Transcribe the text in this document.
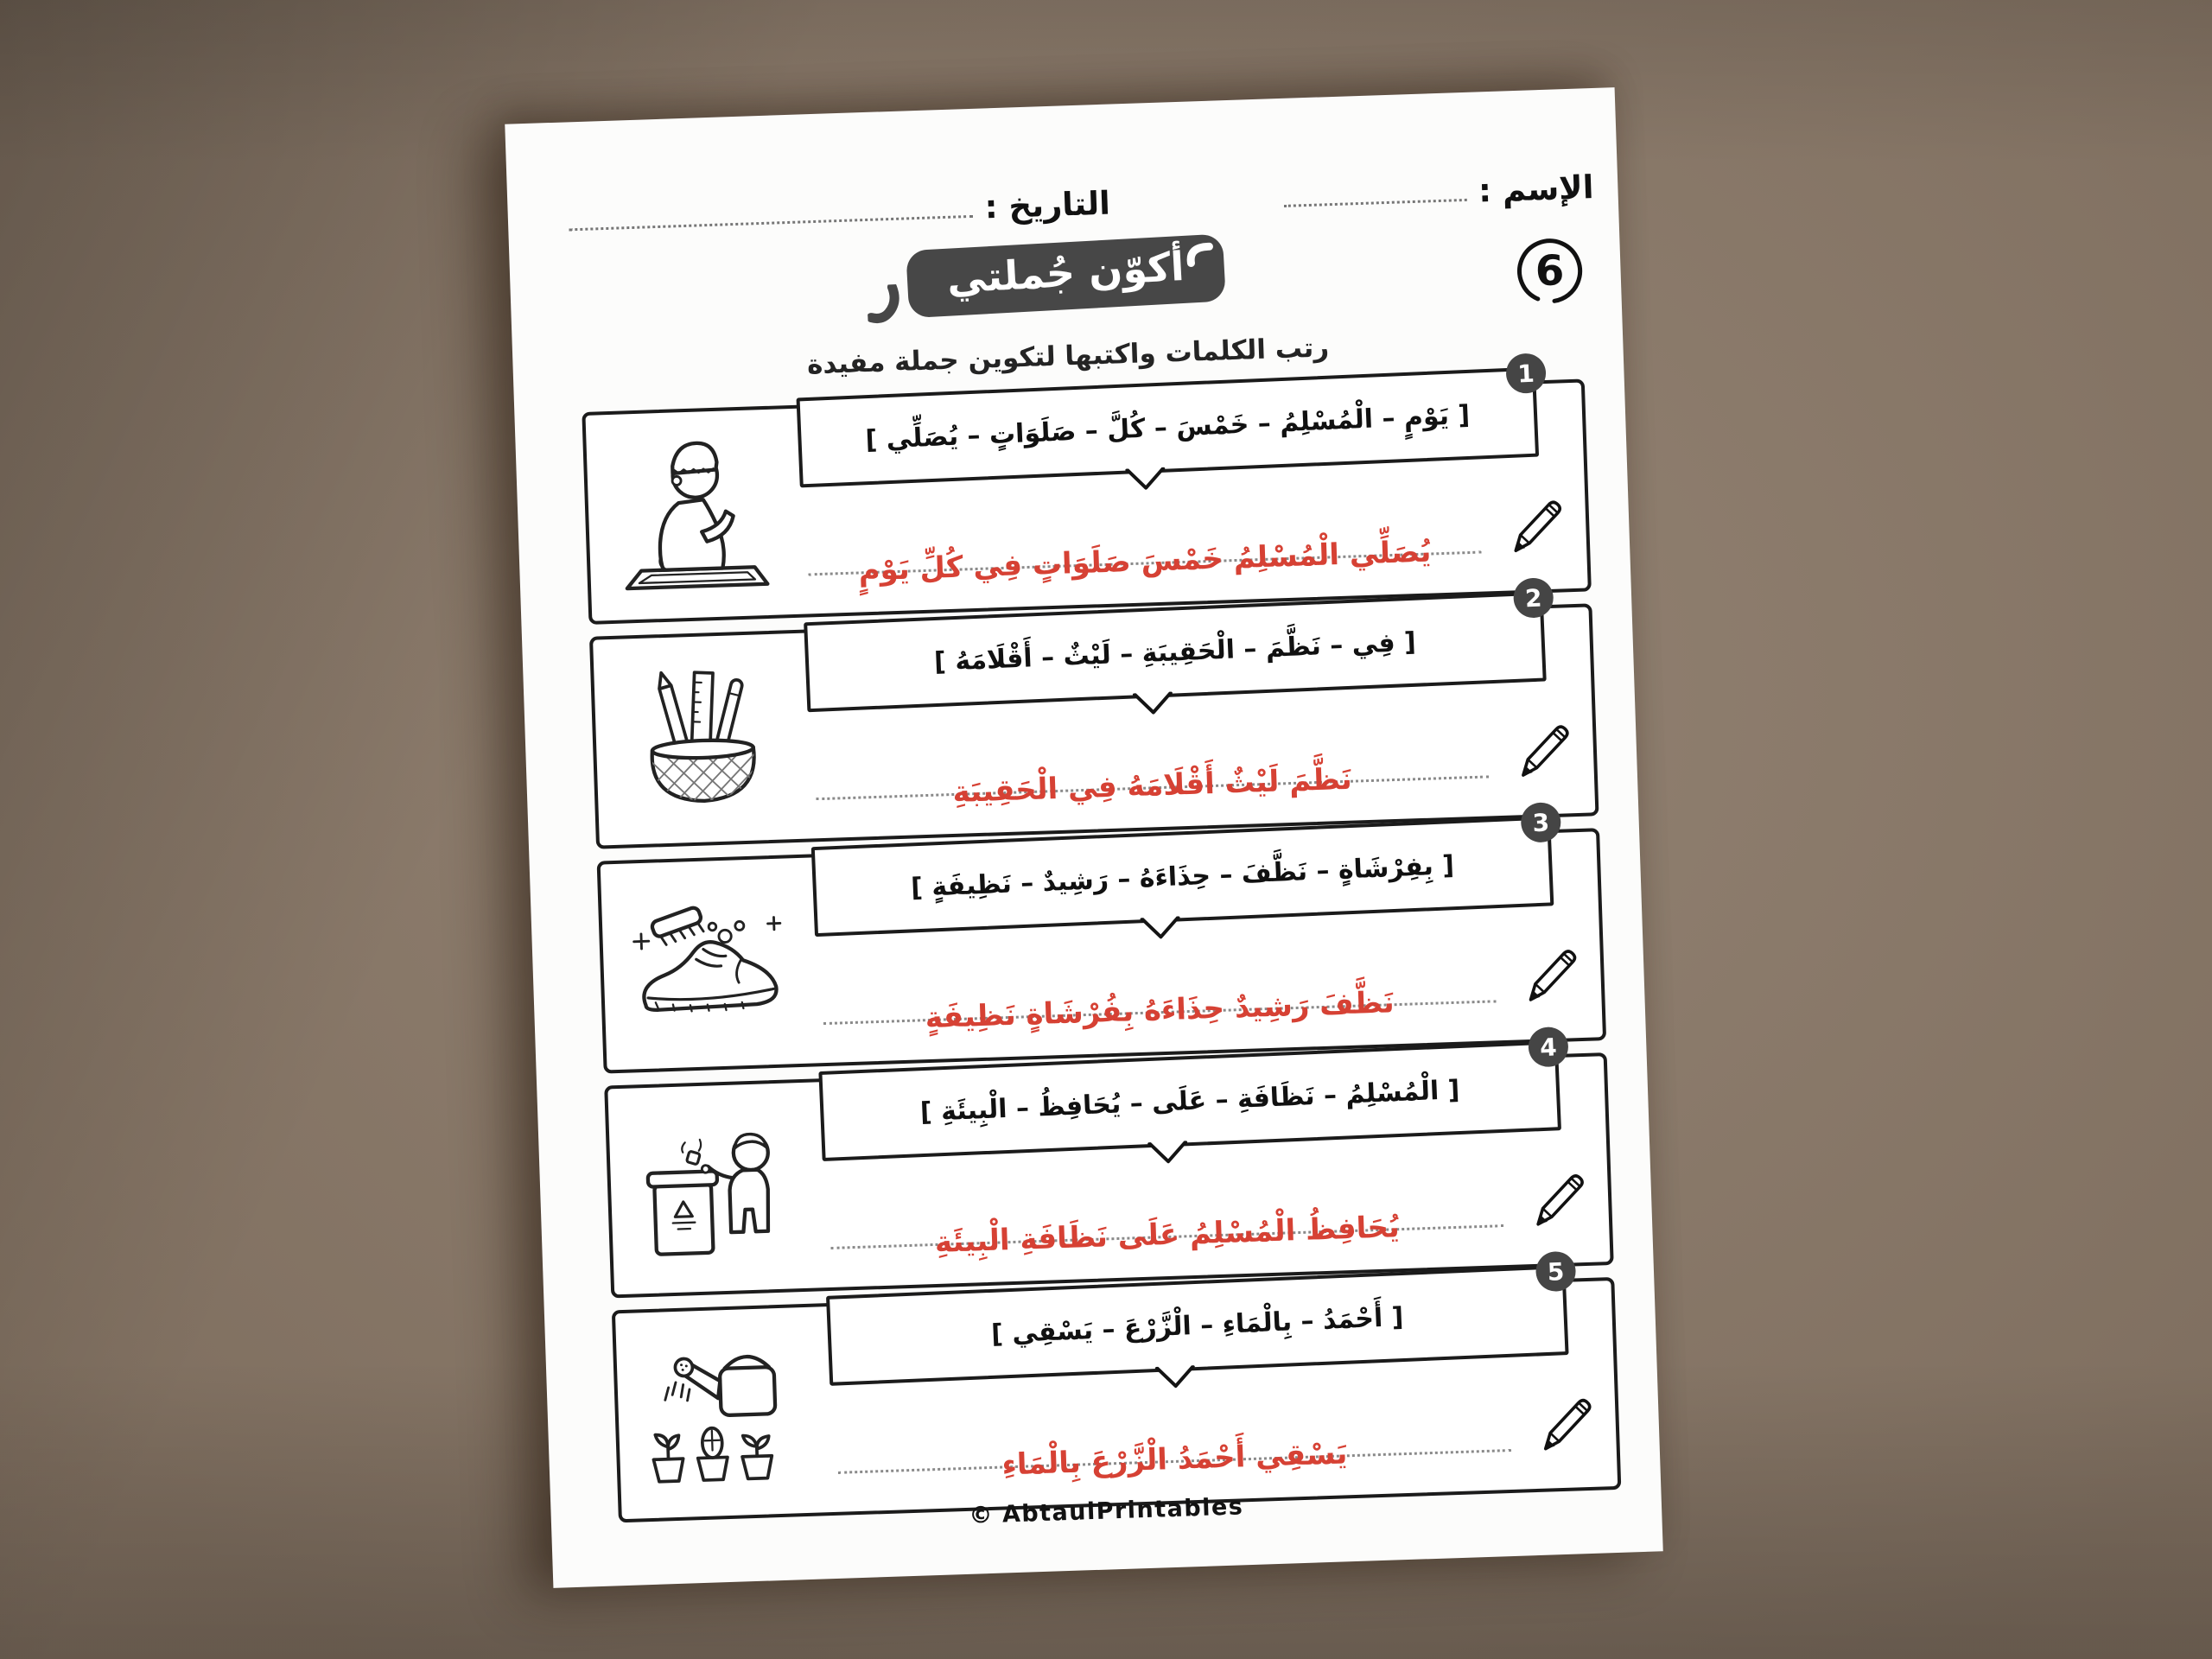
التاريخ :	الإسم :
أكوّن جُملتي	6
رتب الكلمات واكتبها لتكوين جملة مفيدة
[ يَوْمٍ – الْمُسْلِمُ – خَمْسَ – كُلَّ – صَلَوَاتٍ – يُصَلِّي ]
1
يُصَلِّي الْمُسْلِمُ خَمْسَ صَلَوَاتٍ فِي كُلِّ يَوْمٍ
[ فِي – نَظَّمَ – الْحَقِيبَةِ – لَيْثٌ – أَقْلَامَهُ ]
2
نَظَّمَ لَيْثٌ أَقْلَامَهُ فِي الْحَقِيبَةِ
[ بِفِرْشَاةٍ – نَظَّفَ – حِذَاءَهُ – رَشِيدٌ – نَظِيفَةٍ ]
3
نَظَّفَ رَشِيدٌ حِذَاءَهُ بِفُرْشَاةٍ نَظِيفَةٍ
[ الْمُسْلِمُ – نَظَافَةِ – عَلَى – يُحَافِظُ – الْبِيئَةِ ]
4
يُحَافِظُ الْمُسْلِمُ عَلَى نَظَافَةِ الْبِيئَةِ
[ أَحْمَدُ – بِالْمَاءِ – الْزَّرْعَ – يَسْقِي ]
5
يَسْقِي أَحْمَدُ الْزَّرْعَ بِالْمَاءِ
© AbtaulPrintables
